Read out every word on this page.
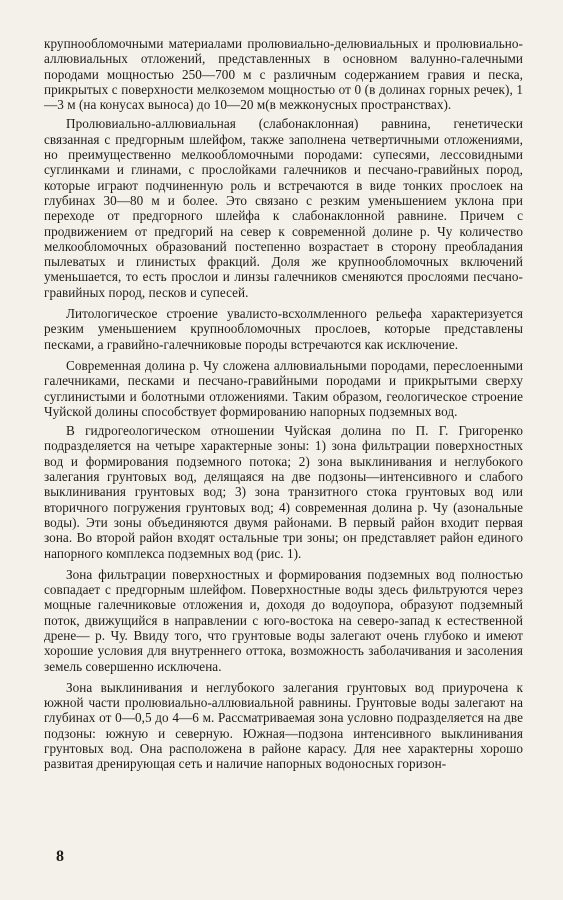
крупнообломочными материалами пролювиально-делювиальных и пролювиально-аллювиальных отложений, представленных в основном валунно-галечными породами мощностью 250—700 м с различным содержанием гравия и песка, прикрытых с поверхности мелкоземом мощностью от 0 (в долинах горных речек), 1—3 м (на конусах выноса) до 10—20 м(в межконусных пространствах).

Пролювиально-аллювиальная (слабонаклонная) равнина, генетически связанная с предгорным шлейфом, также заполнена четвертичными отложениями, но преимущественно мелкообломочными породами: супесями, лессовидными суглинками и глинами, с прослойками галечников и песчано-гравийных пород, которые играют подчиненную роль и встречаются в виде тонких прослоек на глубинах 30—80 м и более. Это связано с резким уменьшением уклона при переходе от предгорного шлейфа к слабонаклонной равнине. Причем с продвижением от предгорий на север к современной долине р. Чу количество мелкообломочных образований постепенно возрастает в сторону преобладания пылеватых и глинистых фракций. Доля же крупнообломочных включений уменьшается, то есть прослои и линзы галечников сменяются прослоями песчано-гравийных пород, песков и супесей.

Литологическое строение увалисто-всхолмленного рельефа характеризуется резким уменьшением крупнообломочных прослоев, которые представлены песками, а гравийно-галечниковые породы встречаются как исключение.

Современная долина р. Чу сложена аллювиальными породами, переслоенными галечниками, песками и песчано-гравийными породами и прикрытыми сверху суглинистыми и болотными отложениями. Таким образом, геологическое строение Чуйской долины способствует формированию напорных подземных вод.

В гидрогеологическом отношении Чуйская долина по П. Г. Григоренко подразделяется на четыре характерные зоны: 1) зона фильтрации поверхностных вод и формирования подземного потока; 2) зона выклинивания и неглубокого залегания грунтовых вод, делящаяся на две подзоны—интенсивного и слабого выклинивания грунтовых вод; 3) зона транзитного стока грунтовых вод или вторичного погружения грунтовых вод; 4) современная долина р. Чу (азональные воды). Эти зоны объединяются двумя районами. В первый район входит первая зона. Во второй район входят остальные три зоны; он представляет район единого напорного комплекса подземных вод (рис. 1).

Зона фильтрации поверхностных и формирования подземных вод полностью совпадает с предгорным шлейфом. Поверхностные воды здесь фильтруются через мощные галечниковые отложения и, доходя до водоупора, образуют подземный поток, движущийся в направлении с юго-востока на северо-запад к естественной дрене— р. Чу. Ввиду того, что грунтовые воды залегают очень глубоко и имеют хорошие условия для внутреннего оттока, возможность заболачивания и засоления земель совершенно исключена.

Зона выклинивания и неглубокого залегания грунтовых вод приурочена к южной части пролювиально-аллювиальной равнины. Грунтовые воды залегают на глубинах от 0—0,5 до 4—6 м. Рассматриваемая зона условно подразделяется на две подзоны: южную и северную. Южная—подзона интенсивного выклинивания грунтовых вод. Она расположена в районе карасу. Для нее характерны хорошо развитая дренирующая сеть и наличие напорных водоносных горизон-

8
